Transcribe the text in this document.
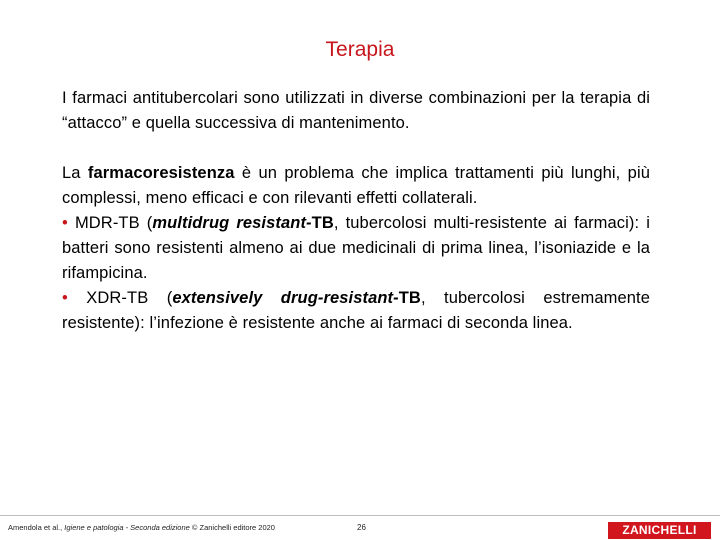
Terapia

I farmaci antitubercolari sono utilizzati in diverse combinazioni per la terapia di “attacco” e quella successiva di mantenimento.

La farmacoresistenza è un problema che implica trattamenti più lunghi, più complessi, meno efficaci e con rilevanti effetti collaterali.

• MDR-TB (multidrug resistant-TB, tubercolosi multi-resistente ai farmaci): i batteri sono resistenti almeno ai due medicinali di prima linea, l’isoniazide e la rifampicina.

• XDR-TB (extensively drug-resistant-TB, tubercolosi estremamente resistente): l’infezione è resistente anche ai farmaci di seconda linea.

Amendola et al., Igiene e patologia - Seconda edizione © Zanichelli editore 2020	26	ZANICHELLI
